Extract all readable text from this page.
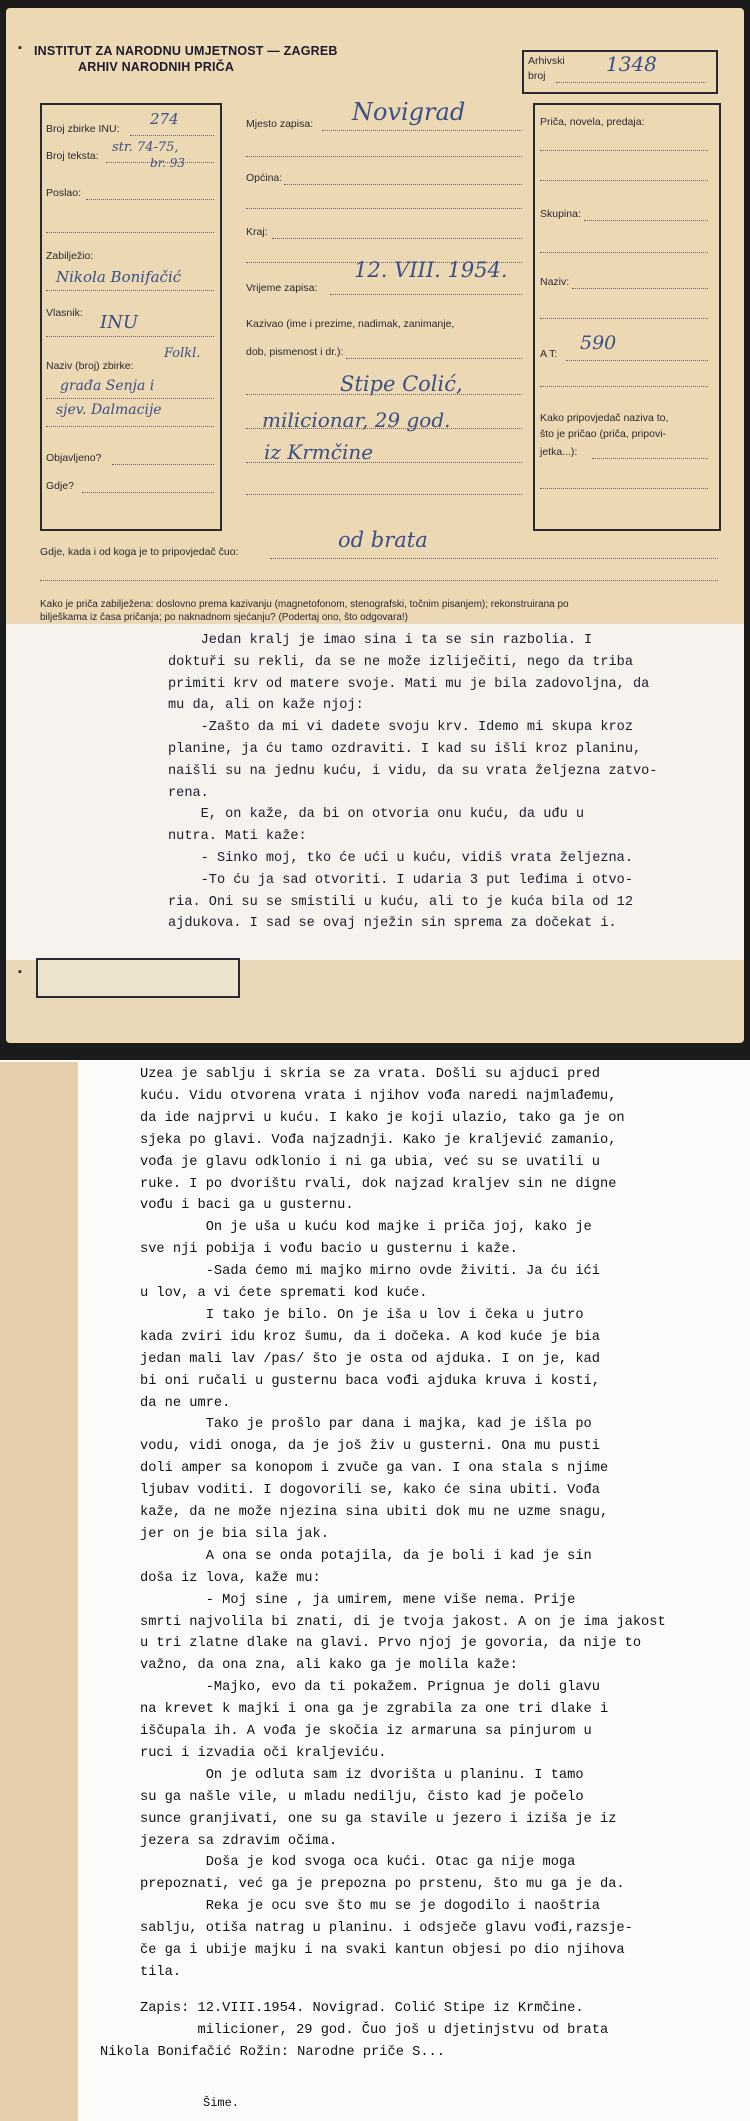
INSTITUT ZA NARODNU UMJETNOST — ZAGREB
ARHIV NARODNIH PRIČA
▪
Arhivski
broj	1348
Broj zbirke INU:
274
Broj teksta:
str. 74-75,
br. 93
Poslao:
Zabilježio:
Nikola Bonifačić
Vlasnik: INU
Naziv (broj) zbirke:
Folkl.
građa Senja i
sjev. Dalmacije
Objavljeno?
Gdje?
Mjesto zapisa: Novigrad
Općina:
Kraj:
Vrijeme zapisa:
12. VIII. 1954.
Kazivao (ime i prezime, nadimak, zanimanje,
dob, pismenost i dr.):
Stipe Colić,
milicionar, 29 god.
iz Krmčine
Priča, novela, predaja:
Skupina:
Naziv:
A T: 590
Kako pripovjedač naziva to,
što je pričao (priča, pripovi-
jetka...):
Gdje, kada i od koga je to pripovjedač čuo:	od brata
Kako je priča zabilježena: doslovno prema kazivanju (magnetofonom, stenografski, točnim pisanjem); rekonstruirana po
bilješkama iz časa pričanja; po naknadnom sjećanju? (Podertaj ono, što odgovara!)
Jedan kralj je imao sina i ta se sin razbolia. I
doktuři su rekli, da se ne može izliječiti, nego da triba
primiti krv od matere svoje. Mati mu je bila zadovoljna, da
mu da, ali on kaže njoj:
-Zašto da mi vi dadete svoju krv. Idemo mi skupa kroz
planine, ja ću tamo ozdraviti. I kad su išli kroz planinu,
naišli su na jednu kuću, i vidu, da su vrata željezna zatvo-
rena.
E, on kaže, da bi on otvoria onu kuću, da uđu u
nutra. Mati kaže:
- Sinko moj, tko će ući u kuću, vidiš vrata željezna.
-To ću ja sad otvoriti. I udaria 3 put leđima i otvo-
ria. Oni su se smistili u kuću, ali to je kuća bila od 12
ajdukova. I sad se ovaj nježin sin sprema za dočekat i.
▪
Uzea je sablju i skria se za vrata. Došli su ajduci pred
kuću. Vidu otvorena vrata i njihov vođa naredi najmlađemu,
da ide najprvi u kuću. I kako je koji ulazio, tako ga je on
sjeka po glavi. Vođa najzadnji. Kako je kraljević zamanio,
vođa je glavu odklonio i ni ga ubia, već su se uvatili u
ruke. I po dvorištu rvali, dok najzad kraljev sin ne digne
vođu i baci ga u gusternu.
On je uša u kuću kod majke i priča joj, kako je
sve nji pobija i vođu bacio u gusternu i kaže.
-Sada ćemo mi majko mirno ovde živiti. Ja ću ići
u lov, a vi ćete spremati kod kuće.
I tako je bilo. On je iša u lov i čeka u jutro
kada zviri idu kroz šumu, da i dočeka. A kod kuće je bia
jedan mali lav /pas/ što je osta od ajduka. I on je, kad
bi oni ručali u gusternu baca vođi ajduka kruva i kosti,
da ne umre.
Tako je prošlo par dana i majka, kad je išla po
vodu, vidi onoga, da je još živ u gusterni. Ona mu pusti
doli amper sa konopom i zvuče ga van. I ona stala s njime
ljubav voditi. I dogovorili se, kako će sina ubiti. Vođa
kaže, da ne može njezina sina ubiti dok mu ne uzme snagu,
jer on je bia sila jak.
A ona se onda potajila, da je boli i kad je sin
doša iz lova, kaže mu:
- Moj sine , ja umirem, mene više nema. Prije
smrti najvolila bi znati, di je tvoja jakost. A on je ima jakost
u tri zlatne dlake na glavi. Prvo njoj je govoria, da nije to
važno, da ona zna, ali kako ga je molila kaže:
-Majko, evo da ti pokažem. Prignua je doli glavu
na krevet k majki i ona ga je zgrabila za one tri dlake i
iščupala ih. A vođa je skočia iz armaruna sa pinjurom u
ruci i izvadia oči kraljeviću.
On je odluta sam iz dvorišta u planinu. I tamo
su ga našle vile, u mladu nedilju, čisto kad je počelo
sunce granjivati, one su ga stavile u jezero i iziša je iz
jezera sa zdravim očima.
Doša je kod svoga oca kući. Otac ga nije moga
prepoznati, već ga je prepozna po prstenu, što mu ga je da.
Reka je ocu sve što mu se je dogodilo i naoštria
sablju, otiša natrag u planinu. i odsječe glavu vođi,razsje-
če ga i ubije majku i na svaki kantun objesi po dio njihova
tila.
Zapis: 12.VIII.1954. Novigrad. Colić Stipe iz Krmčine.
milicioner, 29 god. Čuo još u djetinjstvu od brata
Nikola Bonifačić Rožin: Narodne priče S...
Šime.
